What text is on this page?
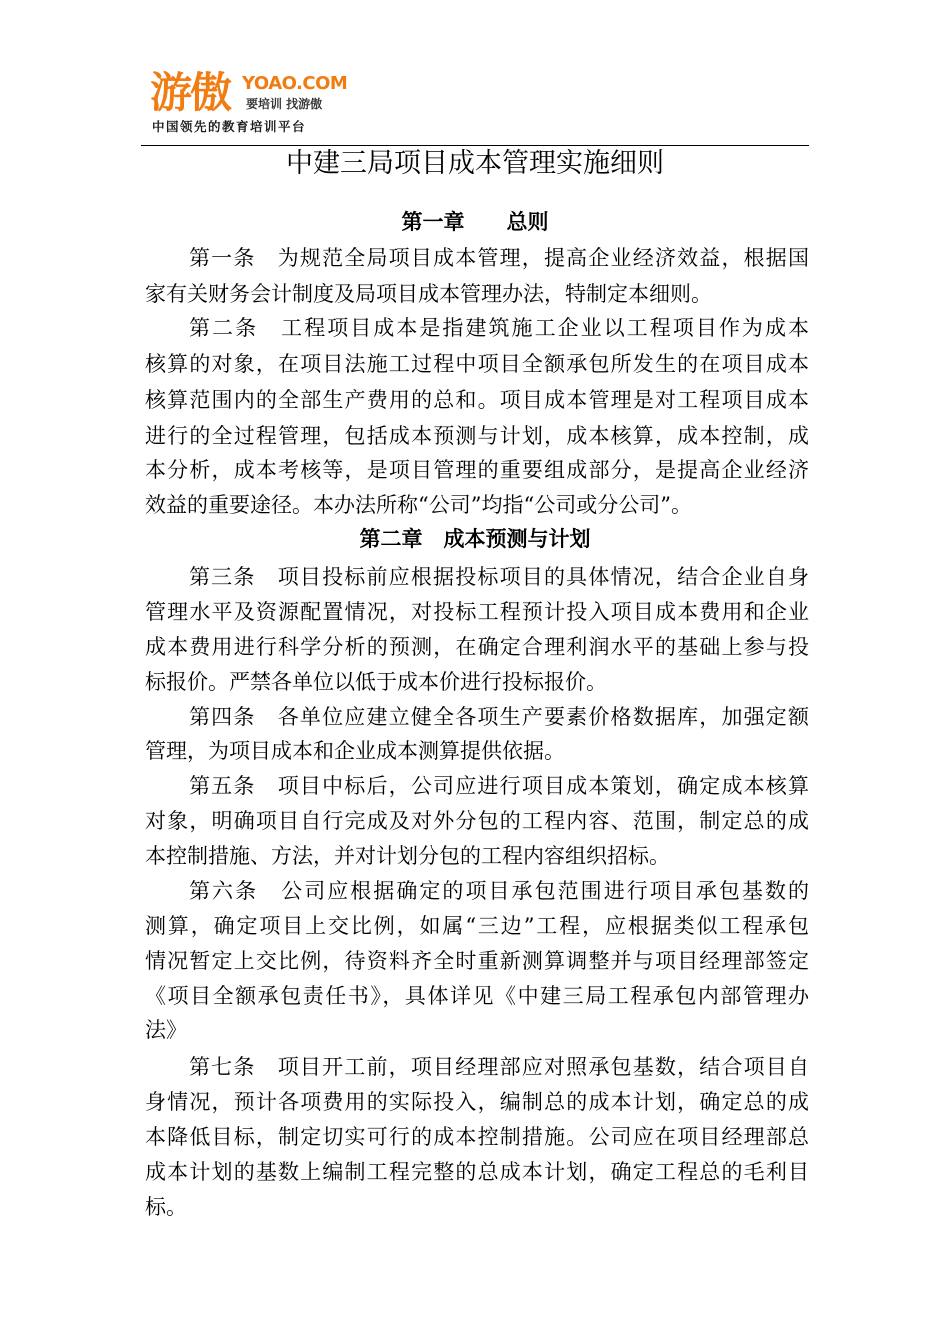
游傲 YOAO.COM
要培训 找游傲
中国领先的教育培训平台
中建三局项目成本管理实施细则
第一章　　总则
第一条　为规范全局项目成本管理，提高企业经济效益，根据国
家有关财务会计制度及局项目成本管理办法，特制定本细则。
第二条　工程项目成本是指建筑施工企业以工程项目作为成本
核算的对象，在项目法施工过程中项目全额承包所发生的在项目成本
核算范围内的全部生产费用的总和。项目成本管理是对工程项目成本
进行的全过程管理，包括成本预测与计划，成本核算，成本控制，成
本分析，成本考核等，是项目管理的重要组成部分，是提高企业经济
效益的重要途径。本办法所称“公司”均指“公司或分公司”。
第二章　成本预测与计划
第三条　项目投标前应根据投标项目的具体情况，结合企业自身
管理水平及资源配置情况，对投标工程预计投入项目成本费用和企业
成本费用进行科学分析的预测，在确定合理利润水平的基础上参与投
标报价。严禁各单位以低于成本价进行投标报价。
第四条　各单位应建立健全各项生产要素价格数据库，加强定额
管理，为项目成本和企业成本测算提供依据。
第五条　项目中标后，公司应进行项目成本策划，确定成本核算
对象，明确项目自行完成及对外分包的工程内容、范围，制定总的成
本控制措施、方法，并对计划分包的工程内容组织招标。
第六条　公司应根据确定的项目承包范围进行项目承包基数的
测算，确定项目上交比例，如属“三边”工程，应根据类似工程承包
情况暂定上交比例，待资料齐全时重新测算调整并与项目经理部签定
《项目全额承包责任书》，具体详见《中建三局工程承包内部管理办
法》
第七条　项目开工前，项目经理部应对照承包基数，结合项目自
身情况，预计各项费用的实际投入，编制总的成本计划，确定总的成
本降低目标，制定切实可行的成本控制措施。公司应在项目经理部总
成本计划的基数上编制工程完整的总成本计划，确定工程总的毛利目
标。
